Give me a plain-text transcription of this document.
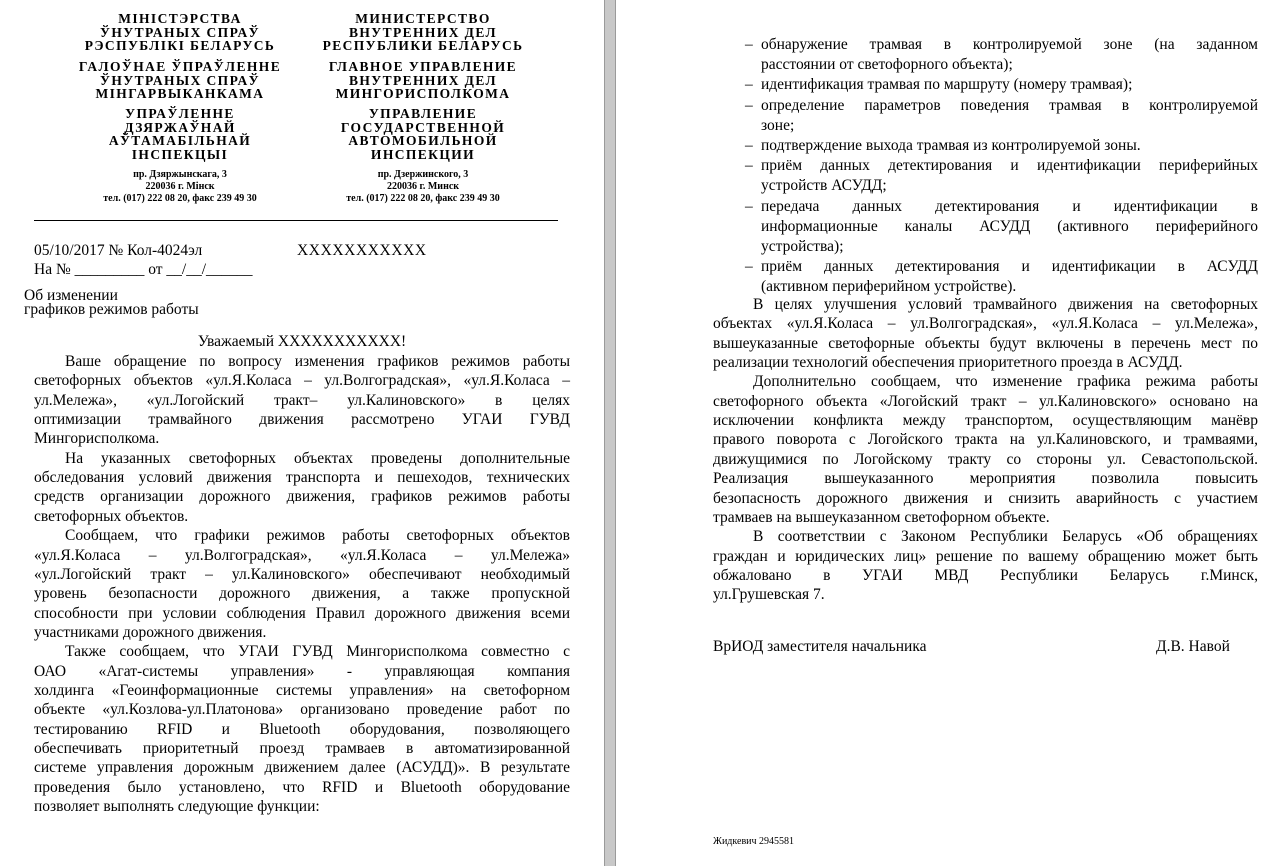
МІНІСТЭРСТВА
ЎНУТРАНЫХ СПРАЎ
РЭСПУБЛІКІ БЕЛАРУСЬ
ГАЛОЎНАЕ ЎПРАЎЛЕННЕ
ЎНУТРАНЫХ СПРАЎ
МІНГАРВЫКАНКАМА
УПРАЎЛЕННЕ
ДЗЯРЖАЎНАЙ
АЎТАМАБІЛЬНАЙ
ІНСПЕКЦЫІ
пр. Дзяржынскага, 3
220036 г. Мінск
тел. (017) 222 08 20, факс 239 49 30
МИНИСТЕРСТВО
ВНУТРЕННИХ ДЕЛ
РЕСПУБЛИКИ БЕЛАРУСЬ
ГЛАВНОЕ УПРАВЛЕНИЕ
ВНУТРЕННИХ ДЕЛ
МИНГОРИСПОЛКОМА
УПРАВЛЕНИЕ
ГОСУДАРСТВЕННОЙ
АВТОМОБИЛЬНОЙ
ИНСПЕКЦИИ
пр. Дзержинского, 3
220036 г. Минск
тел. (017) 222 08 20, факс 239 49 30
05/10/2017 № Кол-4024эл	ХХХХХХХХХХХ
На № _________ от __/__/______
Об изменении
графиков режимов работы
Уважаемый ХХХХХХХХХХХ!
Ваше обращение по вопросу изменения графиков режимов работы
светофорных объектов «ул.Я.Коласа – ул.Волгоградская», «ул.Я.Коласа –
ул.Мележа», «ул.Логойский тракт– ул.Калиновского» в целях
оптимизации трамвайного движения рассмотрено УГАИ ГУВД
Мингорисполкома.
На указанных светофорных объектах проведены дополнительные
обследования условий движения транспорта и пешеходов, технических
средств организации дорожного движения, графиков режимов работы
светофорных объектов.
Сообщаем, что графики режимов работы светофорных объектов
«ул.Я.Коласа – ул.Волгоградская», «ул.Я.Коласа – ул.Мележа»
«ул.Логойский тракт – ул.Калиновского» обеспечивают необходимый
уровень безопасности дорожного движения, а также пропускной
способности при условии соблюдения Правил дорожного движения всеми
участниками дорожного движения.
Также сообщаем, что УГАИ ГУВД Мингорисполкома совместно с
ОАО «Агат-системы управления» - управляющая компания
холдинга «Геоинформационные системы управления» на светофорном
объекте «ул.Козлова-ул.Платонова» организовано проведение работ по
тестированию RFID и Bluetooth оборудования, позволяющего
обеспечивать приоритетный проезд трамваев в автоматизированной
системе управления дорожным движением далее (АСУДД)». В результате
проведения было установлено, что RFID и Bluetooth оборудование
позволяет выполнять следующие функции:
– обнаружение трамвая в контролируемой зоне (на заданном
расстоянии от светофорного объекта);
– идентификация трамвая по маршруту (номеру трамвая);
– определение параметров поведения трамвая в контролируемой
зоне;
– подтверждение выхода трамвая из контролируемой зоны.
– приём данных детектирования и идентификации периферийных
устройств АСУДД;
– передача данных детектирования и идентификации в
информационные каналы АСУДД (активного периферийного
устройства);
– приём данных детектирования и идентификации в АСУДД
(активном периферийном устройстве).
В целях улучшения условий трамвайного движения на светофорных
объектах «ул.Я.Коласа – ул.Волгоградская», «ул.Я.Коласа – ул.Мележа»,
вышеуказанные светофорные объекты будут включены в перечень мест по
реализации технологий обеспечения приоритетного проезда в АСУДД.
Дополнительно сообщаем, что изменение графика режима работы
светофорного объекта «Логойский тракт – ул.Калиновского» основано на
исключении конфликта между транспортом, осуществляющим манёвр
правого поворота с Логойского тракта на ул.Калиновского, и трамваями,
движущимися по Логойскому тракту со стороны ул. Севастопольской.
Реализация вышеуказанного мероприятия позволила повысить
безопасность дорожного движения и снизить аварийность с участием
трамваев на вышеуказанном светофорном объекте.
В соответствии с Законом Республики Беларусь «Об обращениях
граждан и юридических лиц» решение по вашему обращению может быть
обжаловано в УГАИ МВД Республики Беларусь г.Минск,
ул.Грушевская 7.
ВрИОД заместителя начальника	Д.В. Навой
Жидкевич 2945581
